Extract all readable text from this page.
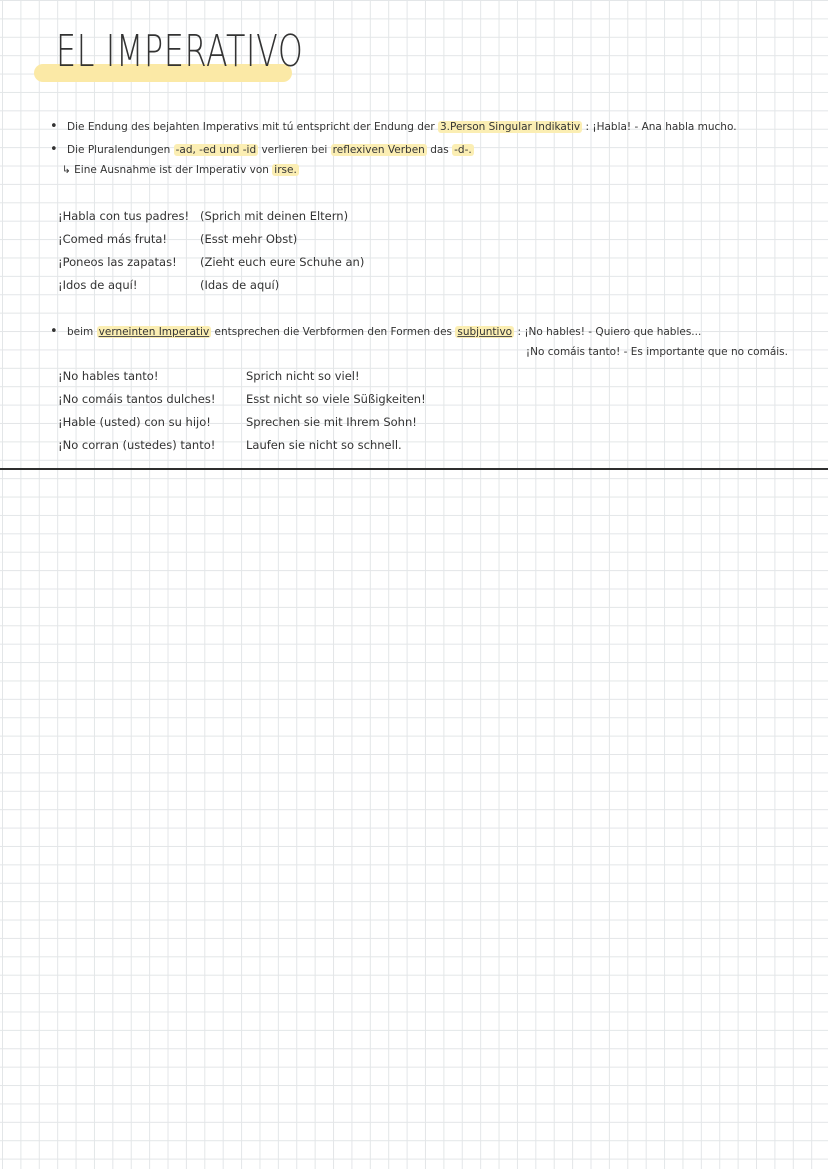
EL IMPERATIVO
• Die Endung des bejahten Imperativs mit tú entspricht der Endung der 3.Person Singular Indikativ : ¡Habla! - Ana habla mucho.
• Die Pluralendungen -ad, -ed und -id verlieren bei reflexiven Verben das -d-.
↳ Eine Ausnahme ist der Imperativ von irse.
¡Habla con tus padres! (Sprich mit deinen Eltern)
¡Comed más fruta!	(Esst mehr Obst)
¡Poneos las zapatas! (Zieht euch eure Schuhe an)
¡Idos de aquí!	(Idas de aquí)
• beim verneinten Imperativ entsprechen die Verbformen den Formen des subjuntivo : ¡No hables! - Quiero que hables...
¡No comáis tanto! - Es importante que no comáis.
¡No hables tanto!	Sprich nicht so viel!
¡No comáis tantos dulches!	Esst nicht so viele Süßigkeiten!
¡Hable (usted) con su hijo!	Sprechen sie mit Ihrem Sohn!
¡No corran (ustedes) tanto!	Laufen sie nicht so schnell.
